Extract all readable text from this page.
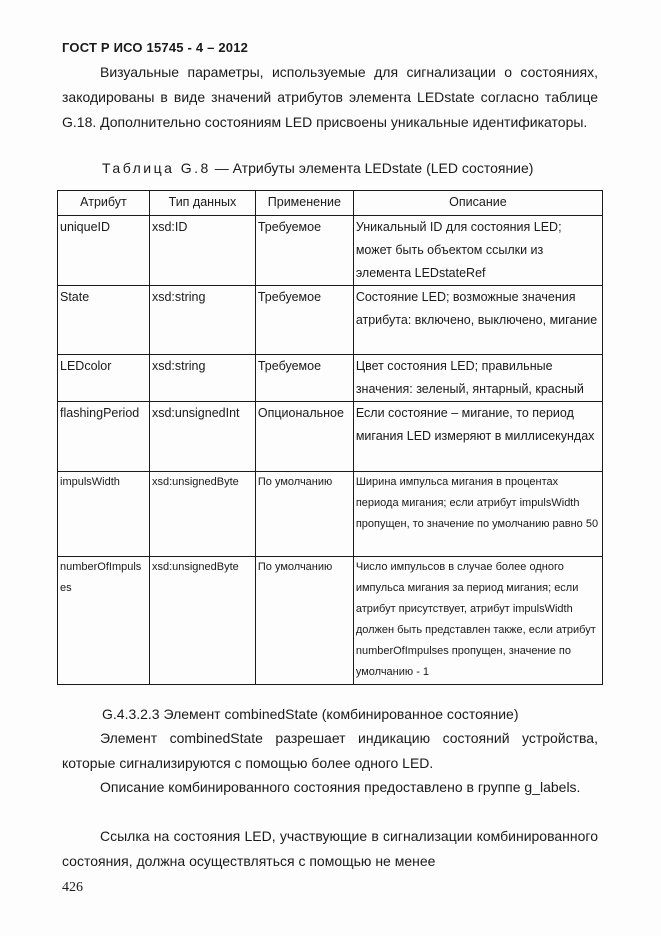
ГОСТ Р ИСО 15745 - 4 – 2012
Визуальные параметры, используемые для сигнализации о состояниях, закодированы в виде значений атрибутов элемента LEDstate согласно таблице G.18. Дополнительно состояниям LED присвоены уникальные идентификаторы.
Таблица G.8 — Атрибуты элемента LEDstate (LED состояние)
Атрибут	Тип данных	Применение	Описание
uniqueID	xsd:ID	Требуемое	Уникальный ID для состояния LED; может быть объектом ссылки из элемента LEDstateRef
State	xsd:string	Требуемое	Состояние LED; возможные значения атрибута: включено, выключено, мигание
LEDcolor	xsd:string	Требуемое	Цвет состояния LED; правильные значения: зеленый, янтарный, красный
flashingPeriod	xsd:unsignedInt	Опциональное	Если состояние – мигание, то период мигания LED измеряют в миллисекундах
impulsWidth	xsd:unsignedByte	По умолчанию	Ширина импульса мигания в процентах периода мигания; если атрибут impulsWidth пропущен, то значение по умолчанию равно 50
numberOfImpulses	xsd:unsignedByte	По умолчанию	Число импульсов в случае более одного импульса мигания за период мигания; если атрибут присутствует, атрибут impulsWidth должен быть представлен также, если атрибут numberOfImpulses пропущен, значение по умолчанию - 1
G.4.3.2.3 Элемент combinedState (комбинированное состояние)
Элемент combinedState разрешает индикацию состояний устройства, которые сигнализируются с помощью более одного LED.
Описание комбинированного состояния предоставлено в группе g_labels.
Ссылка на состояния LED, участвующие в сигнализации комбинированного состояния, должна осуществляться с помощью не менее
426
